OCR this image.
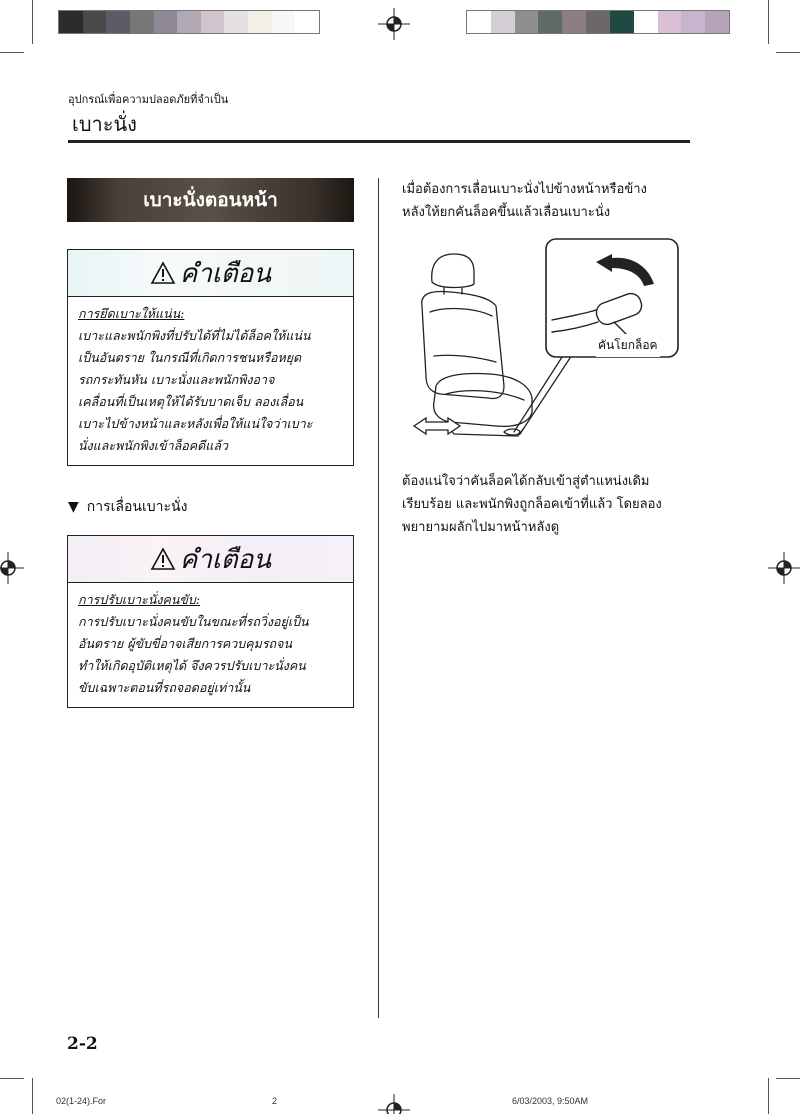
อุปกรณ์เพื่อความปลอดภัยที่จำเป็น
เบาะนั่ง
เบาะนั่งตอนหน้า
คำเตือน
การยึดเบาะให้แน่น:
เบาะและพนักพิงที่ปรับได้ที่ไม่ได้ล็อคให้แน่น
เป็นอันตราย ในกรณีที่เกิดการชนหรือหยุด
รถกระทันหัน เบาะนั่งและพนักพิงอาจ
เคลื่อนที่เป็นเหตุให้ได้รับบาดเจ็บ ลองเลื่อน
เบาะไปข้างหน้าและหลังเพื่อให้แน่ใจว่าเบาะ
นั่งและพนักพิงเข้าล็อคดีแล้ว
▼ การเลื่อนเบาะนั่ง
คำเตือน
การปรับเบาะนั่งคนขับ:
การปรับเบาะนั่งคนขับในขณะที่รถวิ่งอยู่เป็น
อันตราย ผู้ขับขี่อาจเสียการควบคุมรถจน
ทำให้เกิดอุบัติเหตุได้ จึงควรปรับเบาะนั่งคน
ขับเฉพาะตอนที่รถจอดอยู่เท่านั้น
เมื่อต้องการเลื่อนเบาะนั่งไปข้างหน้าหรือข้าง
หลังให้ยกคันล็อคขึ้นแล้วเลื่อนเบาะนั่ง
คันโยกล็อค
ต้องแน่ใจว่าคันล็อคได้กลับเข้าสู่ตำแหน่งเดิม
เรียบร้อย และพนักพิงถูกล็อคเข้าที่แล้ว โดยลอง
พยายามผลักไปมาหน้าหลังดู
2-2
02(1-24).For	2	6/03/2003, 9:50AM
